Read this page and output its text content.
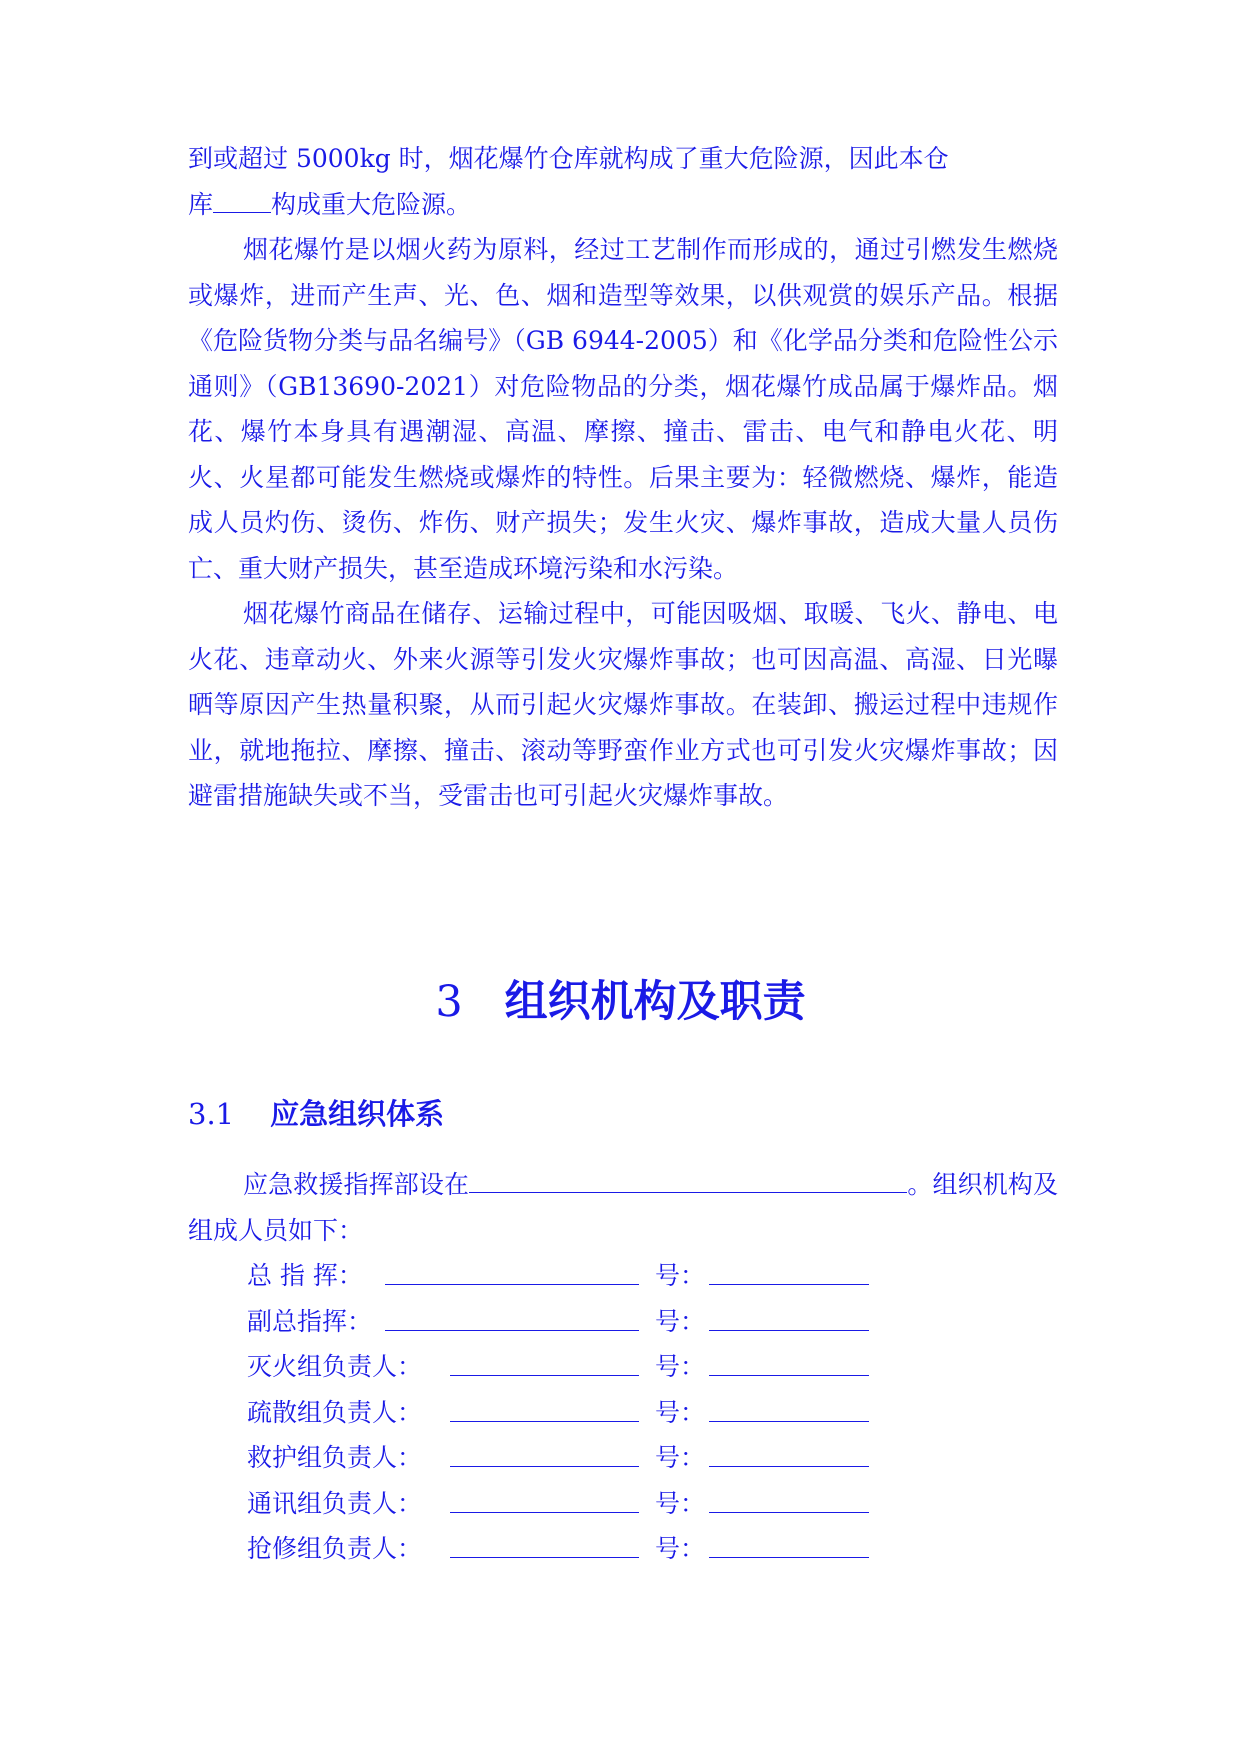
到或超过 5000kg 时，烟花爆竹仓库就构成了重大危险源，因此本仓
库 构成重大危险源。

烟花爆竹是以烟火药为原料，经过工艺制作而形成的，通过引燃发生燃烧或爆炸，进而产生声、光、色、烟和造型等效果，以供观赏的娱乐产品。根据《危险货物分类与品名编号》（GB 6944-2005）和《化学品分类和危险性公示通则》（GB13690-2021）对危险物品的分类，烟花爆竹成品属于爆炸品。烟花、爆竹本身具有遇潮湿、高温、摩擦、撞击、雷击、电气和静电火花、明火、火星都可能发生燃烧或爆炸的特性。后果主要为：轻微燃烧、爆炸，能造成人员灼伤、烫伤、炸伤、财产损失；发生火灾、爆炸事故，造成大量人员伤亡、重大财产损失，甚至造成环境污染和水污染。

烟花爆竹商品在储存、运输过程中，可能因吸烟、取暖、飞火、静电、电火花、违章动火、外来火源等引发火灾爆炸事故；也可因高温、高湿、日光曝晒等原因产生热量积聚，从而引起火灾爆炸事故。在装卸、搬运过程中违规作业，就地拖拉、摩擦、撞击、滚动等野蛮作业方式也可引发火灾爆炸事故；因避雷措施缺失或不当，受雷击也可引起火灾爆炸事故。

3 组织机构及职责
3.1 应急组织体系

应急救援指挥部设在	。组织机构及组成人员如下：

总 指 挥：	号：
副总指挥：	号：
灭火组负责人：	号：
疏散组负责人：	号：
救护组负责人：	号：
通讯组负责人：	号：
抢修组负责人：	号：
